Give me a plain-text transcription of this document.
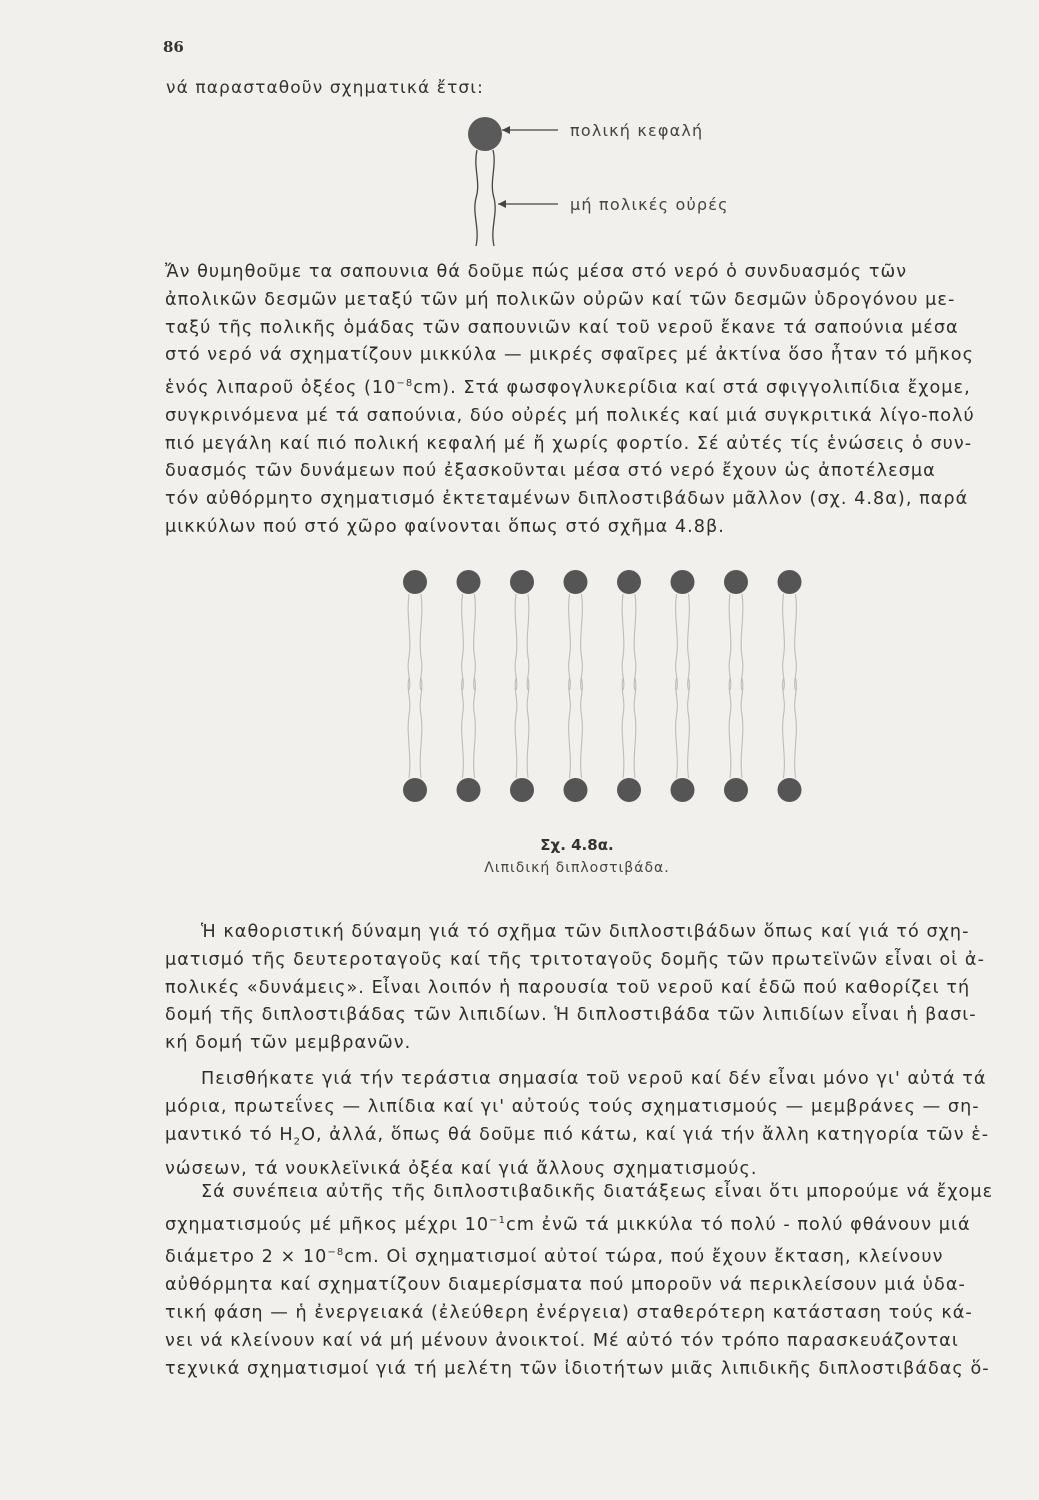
86
νά παρασταθοῦν σχηματικά ἔτσι:
πολική κεφαλή
μή πολικές οὐρές
Ἄν θυμηθοῦμε τα σαπουνια θά δοῦμε πώς μέσα στό νερό ὁ συνδυασμός τῶν
ἀπολικῶν δεσμῶν μεταξύ τῶν μή πολικῶν οὐρῶν καί τῶν δεσμῶν ὑδρογόνου με-
ταξύ τῆς πολικῆς ὁμάδας τῶν σαπουνιῶν καί τοῦ νεροῦ ἔκανε τά σαπούνια μέσα
στό νερό νά σχηματίζουν μικκύλα — μικρές σφαῖρες μέ ἀκτίνα ὅσο ἦταν τό μῆκος
ἑνός λιπαροῦ ὀξέος $(10^{-8}cm)$. Στά φωσφογλυκερίδια καί στά σφιγγολιπίδια ἔχομε,
συγκρινόμενα μέ τά σαπούνια, δύο οὐρές μή πολικές καί μιά συγκριτικά λίγο-πολύ
πιό μεγάλη καί πιό πολική κεφαλή μέ ἤ χωρίς φορτίο. Σέ αὐτές τίς ἑνώσεις ὁ συν-
δυασμός τῶν δυνάμεων πού ἐξασκοῦνται μέσα στό νερό ἔχουν ὡς ἀποτέλεσμα
τόν αὐθόρμητο σχηματισμό ἐκτεταμένων διπλοστιβάδων μᾶλλον (σχ. 4.8α), παρά
μικκύλων πού στό χῶρο φαίνονται ὅπως στό σχῆμα 4.8β.
Σχ. 4.8α.
Λιπιδική διπλοστιβάδα.
Ἡ καθοριστική δύναμη γιά τό σχῆμα τῶν διπλοστιβάδων ὅπως καί γιά τό σχη-
ματισμό τῆς δευτεροταγοῦς καί τῆς τριτοταγοῦς δομῆς τῶν πρωτεϊνῶν εἶναι οἱ ἀ-
πολικές «δυνάμεις». Εἶναι λοιπόν ἡ παρουσία τοῦ νεροῦ καί ἐδῶ πού καθορίζει τή
δομή τῆς διπλοστιβάδας τῶν λιπιδίων. Ἡ διπλοστιβάδα τῶν λιπιδίων εἶναι ἡ βασι-
κή δομή τῶν μεμβρανῶν.
Πεισθήκατε γιά τήν τεράστια σημασία τοῦ νεροῦ καί δέν εἶναι μόνο γι' αὐτά τά
μόρια, πρωτεΐνες — λιπίδια καί γι' αὐτούς τούς σχηματισμούς — μεμβράνες — ση-
μαντικό τό $H_2O$, ἀλλά, ὅπως θά δοῦμε πιό κάτω, καί γιά τήν ἄλλη κατηγορία τῶν ἑ-
νώσεων, τά νουκλεϊνικά ὀξέα καί γιά ἄλλους σχηματισμούς.
Σά συνέπεια αὐτῆς τῆς διπλοστιβαδικῆς διατάξεως εἶναι ὅτι μπορούμε νά ἔχομε
σχηματισμούς μέ μῆκος μέχρι $10^{-1}cm$ ἐνῶ τά μικκύλα τό πολύ - πολύ φθάνουν μιά
διάμετρο $2 \times 10^{-8}cm$. Οἱ σχηματισμοί αὐτοί τώρα, πού ἔχουν ἔκταση, κλείνουν
αὐθόρμητα καί σχηματίζουν διαμερίσματα πού μποροῦν νά περικλείσουν μιά ὑδα-
τική φάση — ἡ ἐνεργειακά (ἐλεύθερη ἐνέργεια) σταθερότερη κατάσταση τούς κά-
νει νά κλείνουν καί νά μή μένουν ἀνοικτοί. Μέ αὐτό τόν τρόπο παρασκευάζονται
τεχνικά σχηματισμοί γιά τή μελέτη τῶν ἰδιοτήτων μιᾶς λιπιδικῆς διπλοστιβάδας ὅ-
